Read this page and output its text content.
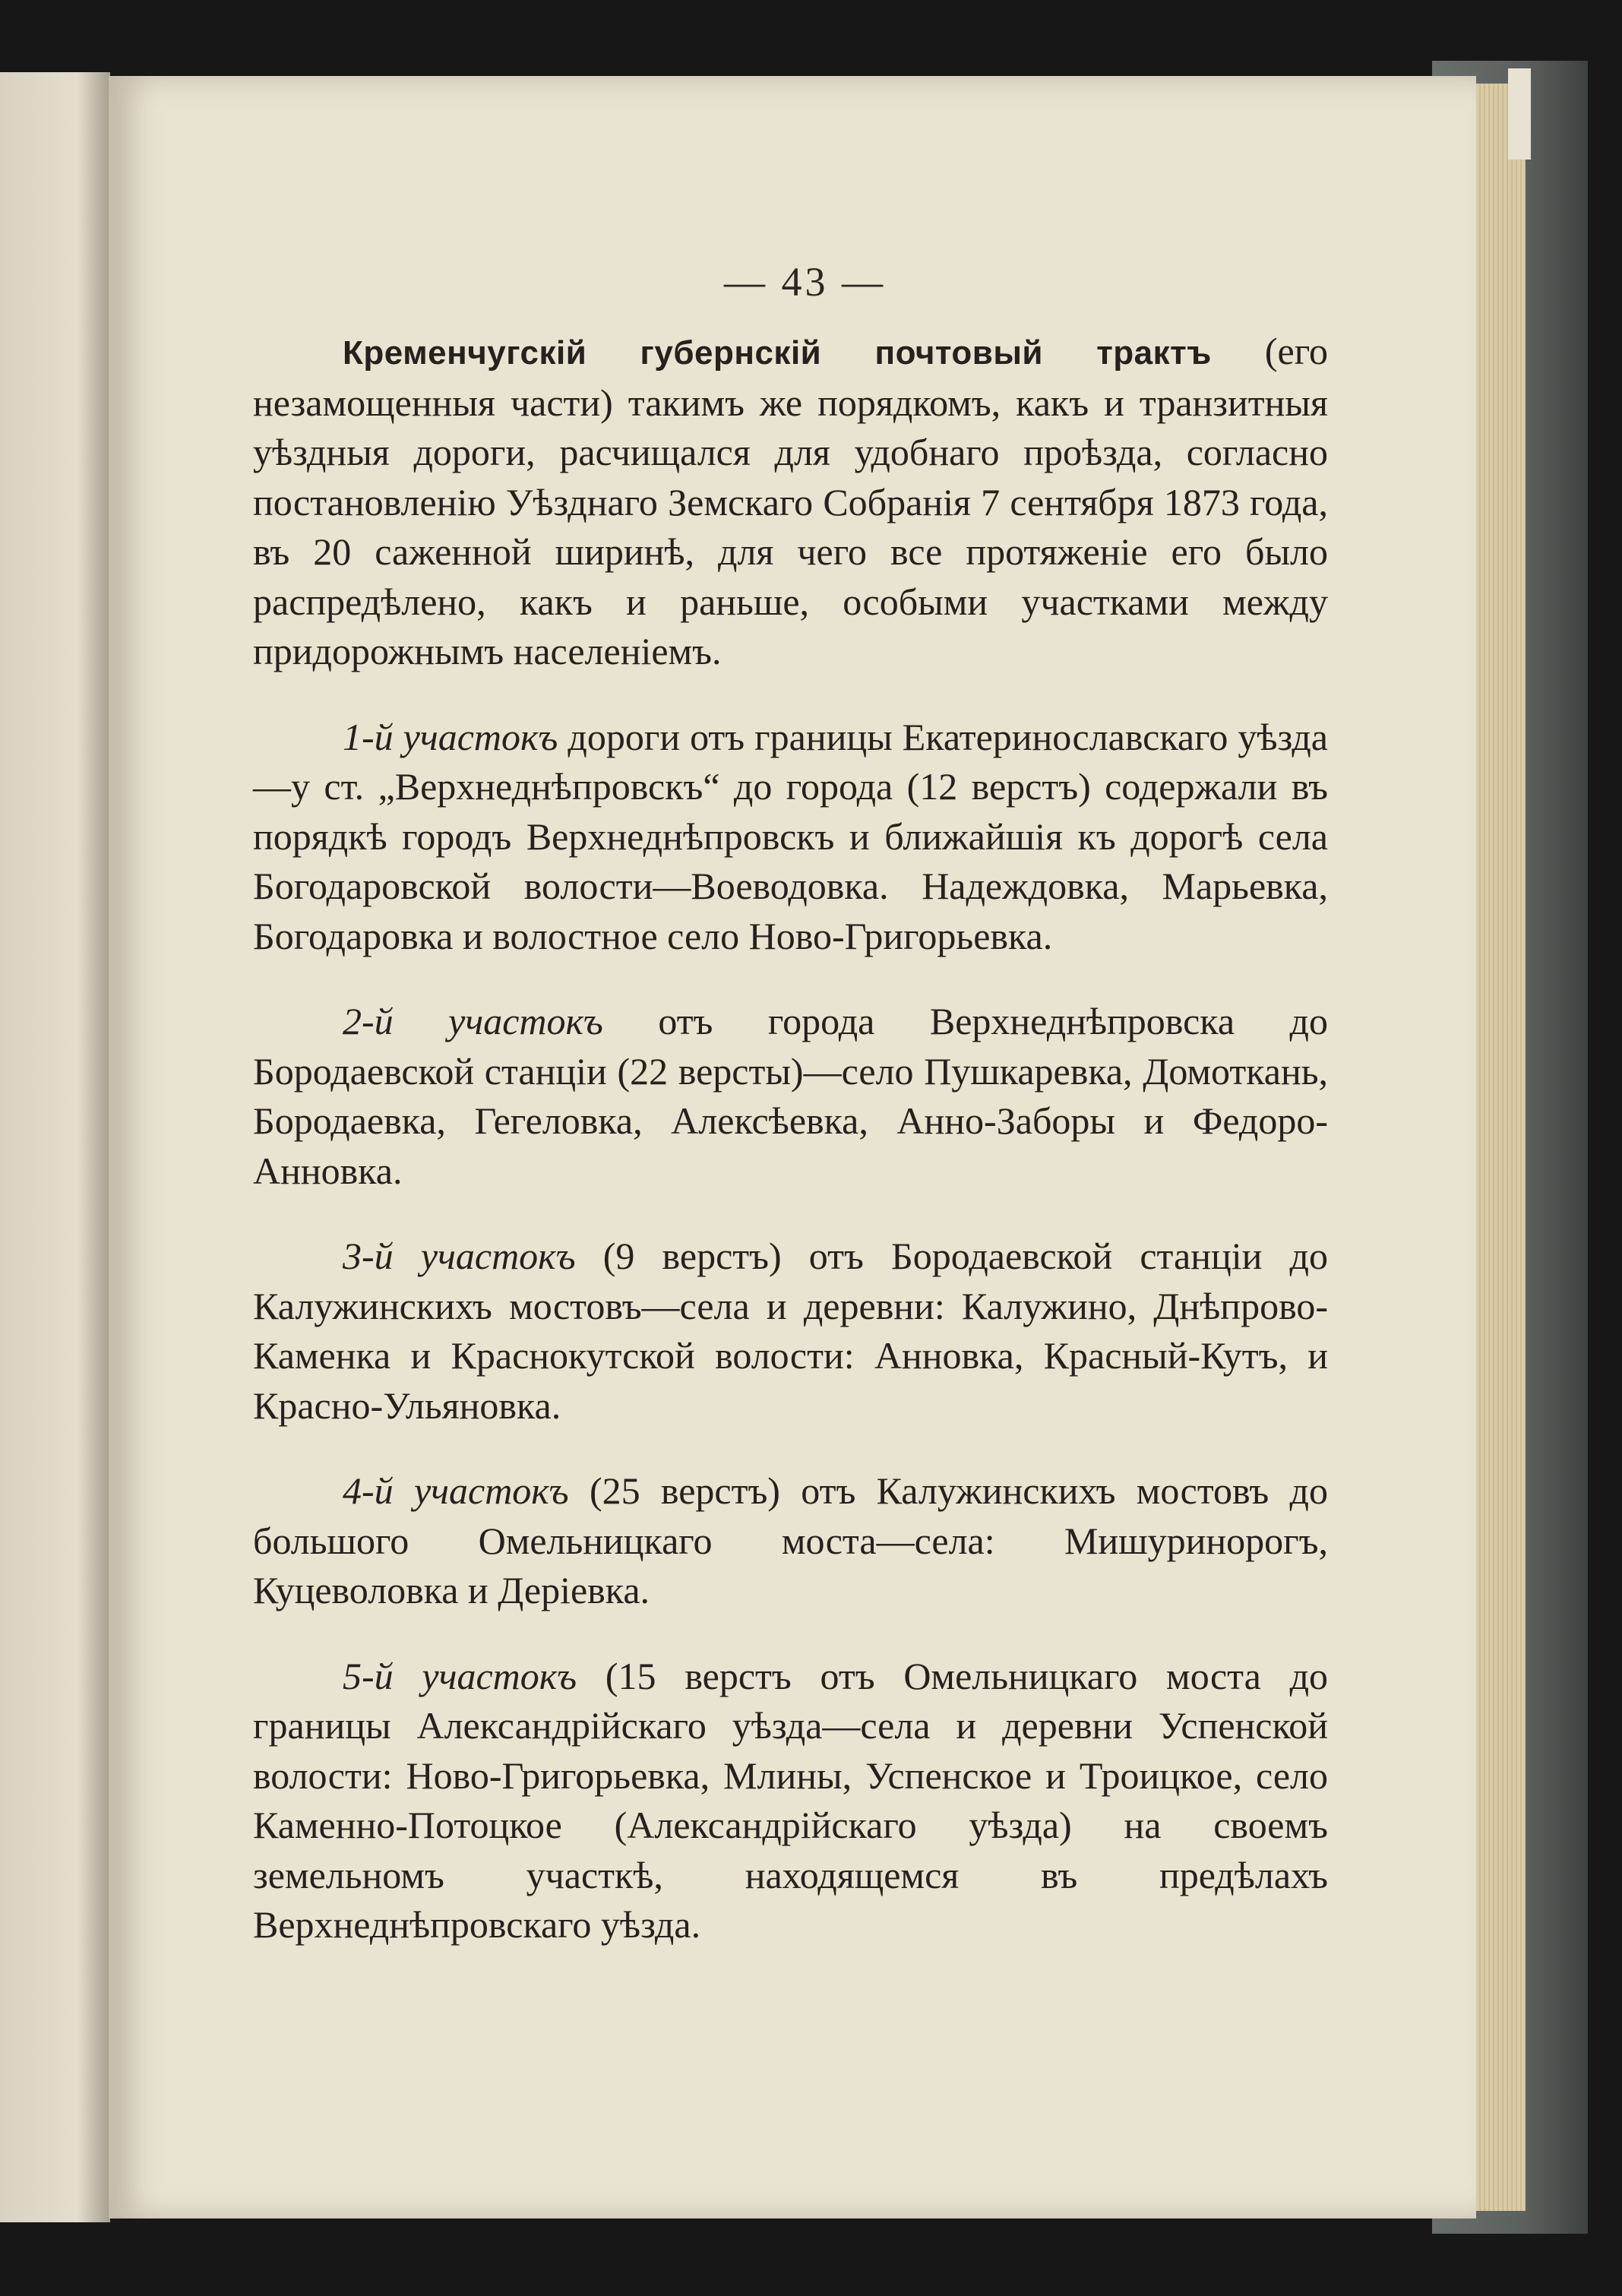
— 43 —

Кременчугскій губернскій почтовый трактъ (его незамощенныя части) такимъ же порядкомъ, какъ и транзитныя уѣздныя дороги, расчищался для удобнаго проѣзда, согласно постановленію Уѣзднаго Земскаго Собранія 7 сентября 1873 года, въ 20 саженной ширинѣ, для чего все протяженіе его было распредѣлено, какъ и раньше, особыми участками между придорожнымъ населеніемъ.

1-й участокъ дороги отъ границы Екатеринославскаго уѣзда—у ст. „Верхнеднѣпровскъ“ до города (12 верстъ) содержали въ порядкѣ городъ Верхнеднѣпровскъ и ближайшія къ дорогѣ села Богодаровской волости—Воеводовка. Надеждовка, Марьевка, Богодаровка и волостное село Ново-Григорьевка.

2-й участокъ отъ города Верхнеднѣпровска до Бородаевской станціи (22 версты)—село Пушкаревка, Домоткань, Бородаевка, Гегеловка, Алексѣевка, Анно-Заборы и Федоро-Анновка.

3-й участокъ (9 верстъ) отъ Бородаевской станціи до Калужинскихъ мостовъ—села и деревни: Калужино, Днѣпрово-Каменка и Краснокутской волости: Анновка, Красный-Кутъ, и Красно-Ульяновка.

4-й участокъ (25 верстъ) отъ Калужинскихъ мостовъ до большого Омельницкаго моста—села: Мишуринорогъ, Куцеволовка и Деріевка.

5-й участокъ (15 верстъ отъ Омельницкаго моста до границы Александрійскаго уѣзда—села и деревни Успенской волости: Ново-Григорьевка, Млины, Успенское и Троицкое, село Каменно-Потоцкое (Александрійскаго уѣзда) на своемъ земельномъ участкѣ, находящемся въ предѣлахъ Верхнеднѣпровскаго уѣзда.
